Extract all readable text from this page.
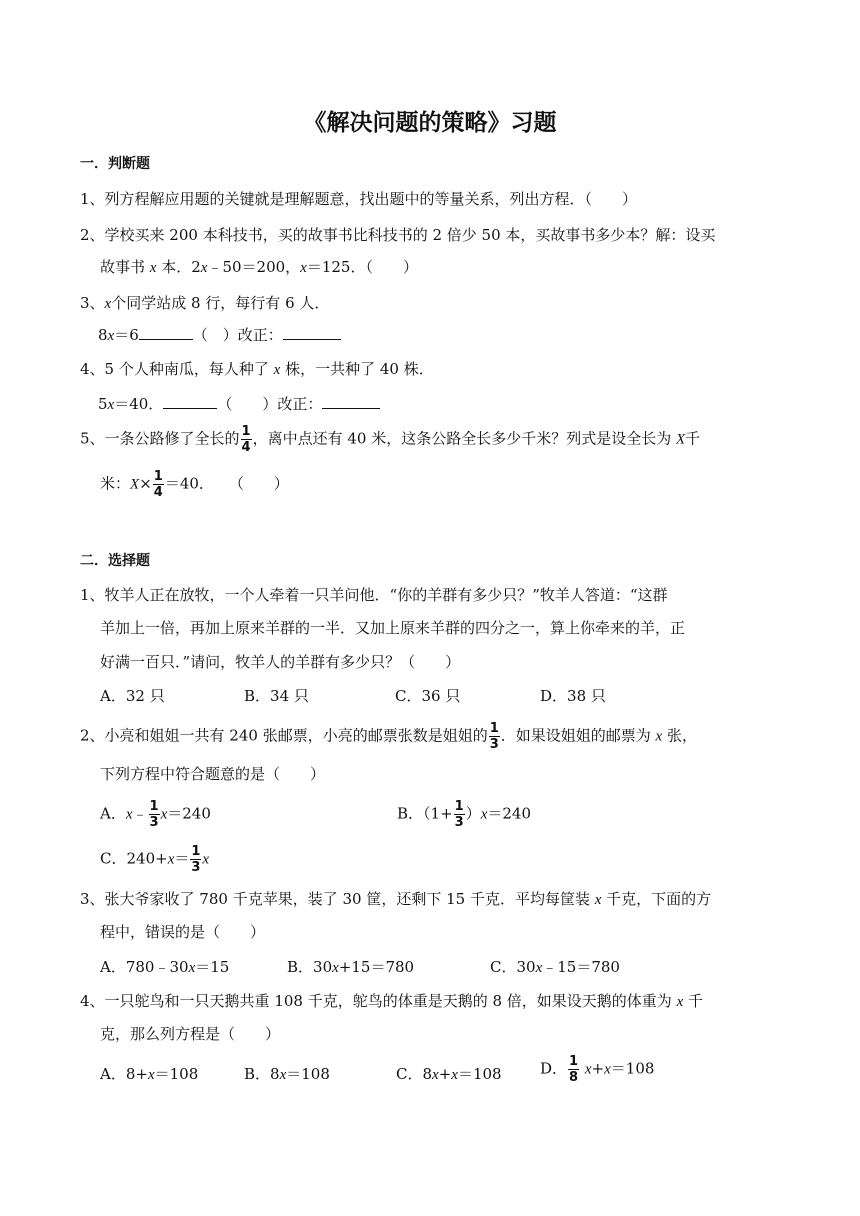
《解决问题的策略》习题
一．判断题
1、列方程解应用题的关键就是理解题意，找出题中的等量关系，列出方程．（　　）
2、学校买来 200 本科技书，买的故事书比科技书的 2 倍少 50 本，买故事书多少本？解：设买
故事书 x 本．2x﹣50＝200，x＝125．（　　）
3、x个同学站成 8 行，每行有 6 人．
8x＝6	（　）改正：
4、5 个人种南瓜，每人种了 x 株，一共种了 40 株．
5x＝40．	（　　）改正：
5、一条公路修了全长的 $\frac{1}{4}$ ，离中点还有 40 米，这条公路全长多少千米？列式是设全长为 X千
米：$X\times \frac{1}{4} =40$．　　（　　）
二．选择题
1、牧羊人正在放牧，一个人牵着一只羊问他．“你的羊群有多少只？”牧羊人答道：“这群
羊加上一倍，再加上原来羊群的一半．又加上原来羊群的四分之一，算上你牵来的羊，正
好满一百只．”请问，牧羊人的羊群有多少只？（　　）
A．32 只	B．34 只	C．36 只	D．38 只
2、小亮和姐姐一共有 240 张邮票，小亮的邮票张数是姐姐的 $\frac{1}{3}$ ．如果设姐姐的邮票为 x 张，
下列方程中符合题意的是（　　）
A．x﹣ $\frac{1}{3} x=240$	B．$(1+ \frac{1}{3} )x=240$
C．$240+x= \frac{1}{3}$ x
3、张大爷家收了 780 千克苹果，装了 30 筐，还剩下 15 千克．平均每筐装 x 千克，下面的方
程中，错误的是（　　）
A．780﹣30x＝15	B．30x+15＝780	C．30x﹣15＝780
4、一只鸵鸟和一只天鹅共重 108 千克，鸵鸟的体重是天鹅的 8 倍，如果设天鹅的体重为 x 千
克，那么列方程是（　　）
A．8+x＝108	B．8x＝108	C．8x+x＝108	D． $\frac{1}{8} x+x=108$
